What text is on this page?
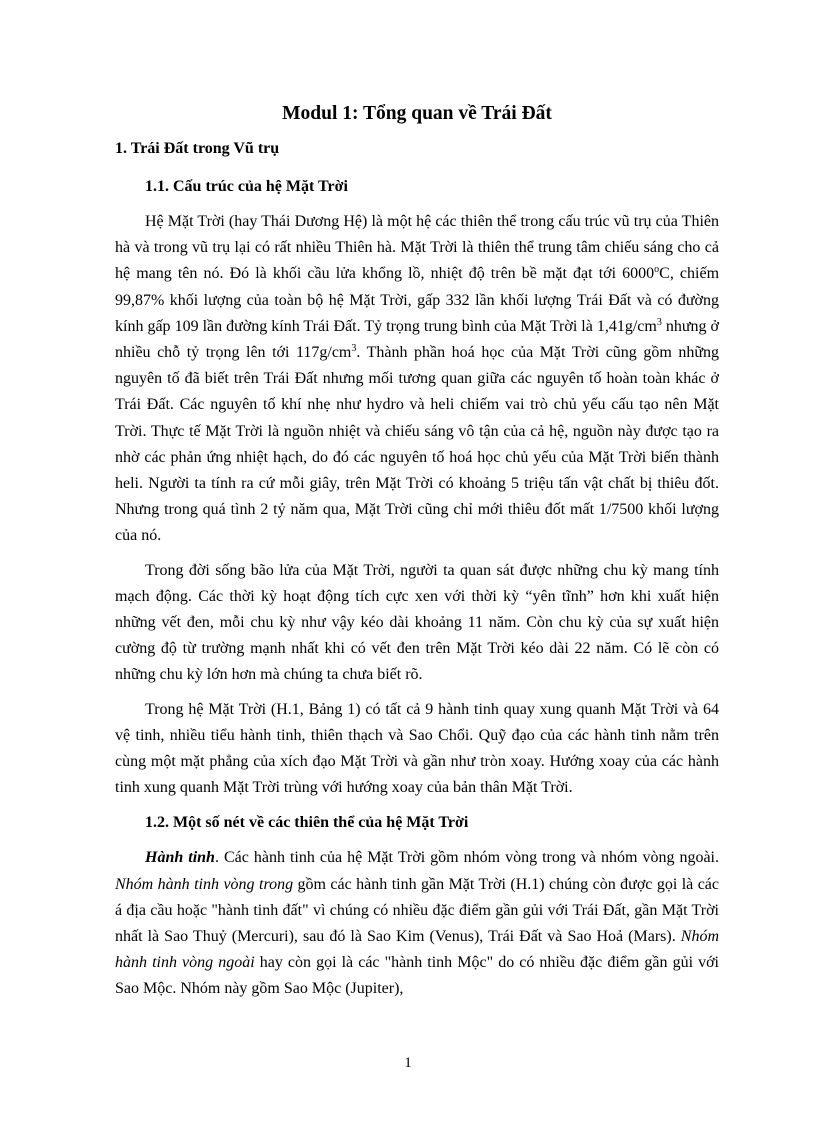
Modul 1: Tổng quan về Trái Đất
1. Trái Đất trong Vũ trụ
1.1. Cấu trúc của hệ Mặt Trời

Hệ Mặt Trời (hay Thái Dương Hệ) là một hệ các thiên thể trong cấu trúc vũ trụ của Thiên hà và trong vũ trụ lại có rất nhiều Thiên hà. Mặt Trời là thiên thể trung tâm chiếu sáng cho cả hệ mang tên nó. Đó là khối cầu lửa khổng lồ, nhiệt độ trên bề mặt đạt tới 6000$^o$C, chiếm 99,87% khối lượng của toàn bộ hệ Mặt Trời, gấp 332 lần khối lượng Trái Đất và có đường kính gấp 109 lần đường kính Trái Đất. Tỷ trọng trung bình của Mặt Trời là $1,41g/cm^3$ nhưng ở nhiều chỗ tỷ trọng lên tới $117g/cm^3$. Thành phần hoá học của Mặt Trời cũng gồm những nguyên tố đã biết trên Trái Đất nhưng mối tương quan giữa các nguyên tố hoàn toàn khác ở Trái Đất. Các nguyên tố khí nhẹ như hydro và heli chiếm vai trò chủ yếu cấu tạo nên Mặt Trời. Thực tế Mặt Trời là nguồn nhiệt và chiếu sáng vô tận của cả hệ, nguồn này được tạo ra nhờ các phản ứng nhiệt hạch, do đó các nguyên tố hoá học chủ yếu của Mặt Trời biến thành heli. Người ta tính ra cứ mỗi giây, trên Mặt Trời có khoảng 5 triệu tấn vật chất bị thiêu đốt. Nhưng trong quá tình 2 tỷ năm qua, Mặt Trời cũng chỉ mới thiêu đốt mất 1/7500 khối lượng của nó.

Trong đời sống bão lửa của Mặt Trời, người ta quan sát được những chu kỳ mang tính mạch động. Các thời kỳ hoạt động tích cực xen với thời kỳ “yên tĩnh” hơn khi xuất hiện những vết đen, mỗi chu kỳ như vậy kéo dài khoảng 11 năm. Còn chu kỳ của sự xuất hiện cường độ từ trường mạnh nhất khi có vết đen trên Mặt Trời kéo dài 22 năm. Có lẽ còn có những chu kỳ lớn hơn mà chúng ta chưa biết rõ.

Trong hệ Mặt Trời (H.1, Bảng 1) có tất cả 9 hành tinh quay xung quanh Mặt Trời và 64 vệ tinh, nhiều tiểu hành tinh, thiên thạch và Sao Chổi. Quỹ đạo của các hành tinh nằm trên cùng một mặt phẳng của xích đạo Mặt Trời và gần như tròn xoay. Hướng xoay của các hành tinh xung quanh Mặt Trời trùng với hướng xoay của bản thân Mặt Trời.

1.2. Một số nét về các thiên thể của hệ Mặt Trời

Hành tinh. Các hành tinh của hệ Mặt Trời gồm nhóm vòng trong và nhóm vòng ngoài. Nhóm hành tinh vòng trong gồm các hành tinh gần Mặt Trời (H.1) chúng còn được gọi là các á địa cầu hoặc "hành tinh đất" vì chúng có nhiều đặc điểm gần gủi với Trái Đất, gần Mặt Trời nhất là Sao Thuỷ (Mercuri), sau đó là Sao Kim (Venus), Trái Đất và Sao Hoả (Mars). Nhóm hành tinh vòng ngoài hay còn gọi là các "hành tinh Mộc" do có nhiều đặc điểm gần gủi với Sao Mộc. Nhóm này gồm Sao Mộc (Jupiter),

1
